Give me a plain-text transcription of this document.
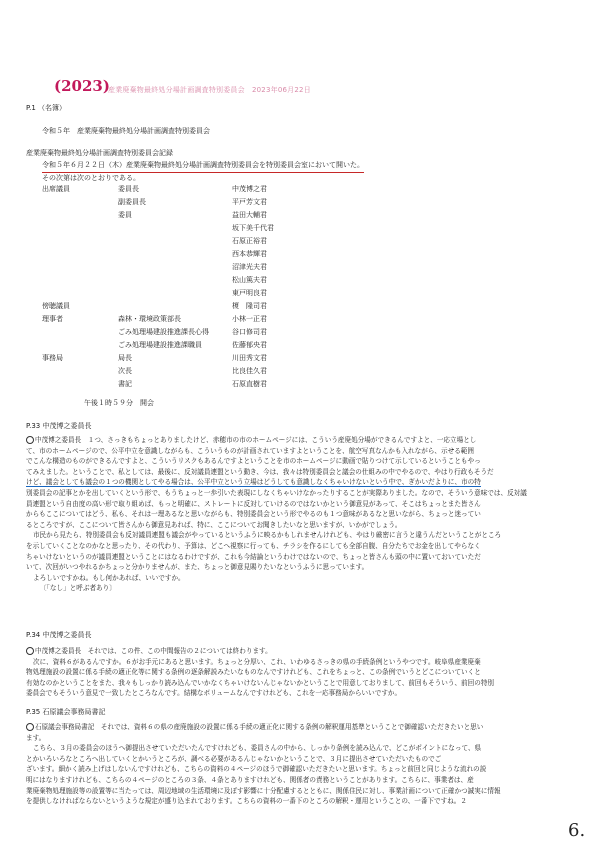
(2023)
産業廃棄物最終処分場計画調査特別委員会　2023年06月22日
P.1 （名簿）
令和５年　産業廃棄物最終処分場計画調査特別委員会
産業廃棄物最終処分場計画調査特別委員会記録
令和５年６月２２日（木）産業廃棄物最終処分場計画調査特別委員会を特別委員会室において開いた。
その次第は次のとおりである。
出席議員	委員長	中茂博之君
副委員長	平戸芳文君
委員	益田大輔君
坂下美千代君
石原正裕君
西本恭輝君
沼津光夫君
松山篤夫君
東戸明良君
榎　隆司君
傍聴議員
理事者	森林・環境政策部長	小林一正君
ごみ処理場建設推進課長心得	谷口修司君
ごみ処理場建設推進課職員	佐藤郁央君
事務局	局長	川田秀文君
次長	比良佳久君
書記	石原直樹君
午後１時５９分　開会
P.33 中茂博之委員長

中茂博之委員長　１つ、さっきもちょっとありましたけど、赤穂市の市のホームページには、こういう産廃処分場ができるんですよと、一応立場とし

て、市のホームページので、公平中立を意識しながらも、こういうものが計画されていますよということを、航空写真なんかも入れながら、示せる範囲

でこんな構造のものができるんですよと、こういうリスクもあるんですよということを市のホームページに動画で貼りつけて示しているということもやっ

てみえました。ということで、私としては、最後に、反対議員連盟という動き、今は、我々は特別委員会と議会の仕組みの中でやるので、やはり行政もそうだ

けど、議会としても議会の１つの機関としてやる場合は、公平中立という立場はどうしても意識しなくちゃいけないという中で、ぎかいだよりに、市の特

別委員会の記事とかを出していくという形で、もうちょっと一歩引いた表現にしなくちゃいけなかったりすることが実際ありました。なので、そういう意味では、反対議

員連盟という自由度の高い形で取り組めば、もっと明確に、ストレートに反対していけるのではないかという御意見があって、そこはちょっとまた皆さん

からもここについてはどう、私も、それは一理あるなと思いながらも、特別委員会という形でやるのも１つ意味があるなと思いながら、ちょっと迷ってい

るところですが、ここについて皆さんから御意見あれば、特に、ここについてお聞きしたいなと思いますが、いかがでしょう。

市民から見たら、特別委員会も反対議員連盟も議会がやっているというふうに映るかもしれませんけれども、やはり厳密に言うと違うんだということがところ

を示していくことなのかなと思ったり、その代わり、予算は、どこへ視察に行っても、チラシを作るにしても全部自腹、自分たちでお金を出してやらなく

ちゃいけないというのが議員連盟ということにはなるわけですが、これも今結論というわけではないので、ちょっと皆さんも頭の中に置いておいていただ

いて、次回がいつやれるかちょっと分かりませんが、また、ちょっと御意見賜りたいなというふうに思っています。

よろしいですかね。もし何かあれば、いいですか。

〔「なし」と呼ぶ者あり〕

P.34 中茂博之委員長

中茂博之委員長　それでは、この件、この中間報告の２については終わります。

次に、資料６があるんですか。６がお手元にあると思います。ちょっと分厚い、これ、いわゆるさっきの県の手続条例というやつです。岐阜県産業廃棄

物処理施設の設置に係る手続の適正化等に関する条例の逐条解説みたいなものなんですけれども、これをちょっと、この条例でいうとどこについていくと

有効なのかということをまた、我々もしっかり読み込んでいかなくちゃいけないんじゃないかということで用意しておりまして、前回もそういう、前回の特別

委員会でもそういう意見で一致したところなんです。結構なボリュームなんですけれども、これを一応事務局からいいですか。

P.35 石原議会事務局書記

石原議会事務局書記　それでは、資料６の県の産廃施設の設置に係る手続の適正化に関する条例の解釈運用基準ということで御確認いただきたいと思い

ます。

こちら、３月の委員会のほうへ御提出させていただいたんですけれども、委員さんの中から、しっかり条例を読み込んで、どこがポイントになって、県

とかいろいろなところへ出していくとかいうところが、調べる必要があるんじゃないかということで、３月に提出させていただいたものでご

ざいます。細かく読み上げはしないんですけれども、こちらの資料の４ページのほうで御確認いただきたいと思います。ちょっと前回と同じような流れの説

明にはなりますけれども、こちらの４ページのところの３条、４条とありますけれども、関係者の責務ということがあります。こちらに、事業者は、産

業廃棄物処理施設等の設置等に当たっては、周辺地域の生活環境に及ぼす影響に十分配慮するとともに、関係住民に対し、事業計画について正確かつ誠実に情報

を提供しなければならないというような規定が盛り込まれております。こちらの資料の一番下のところの解釈・運用ということの、一番下ですね。２

6.
